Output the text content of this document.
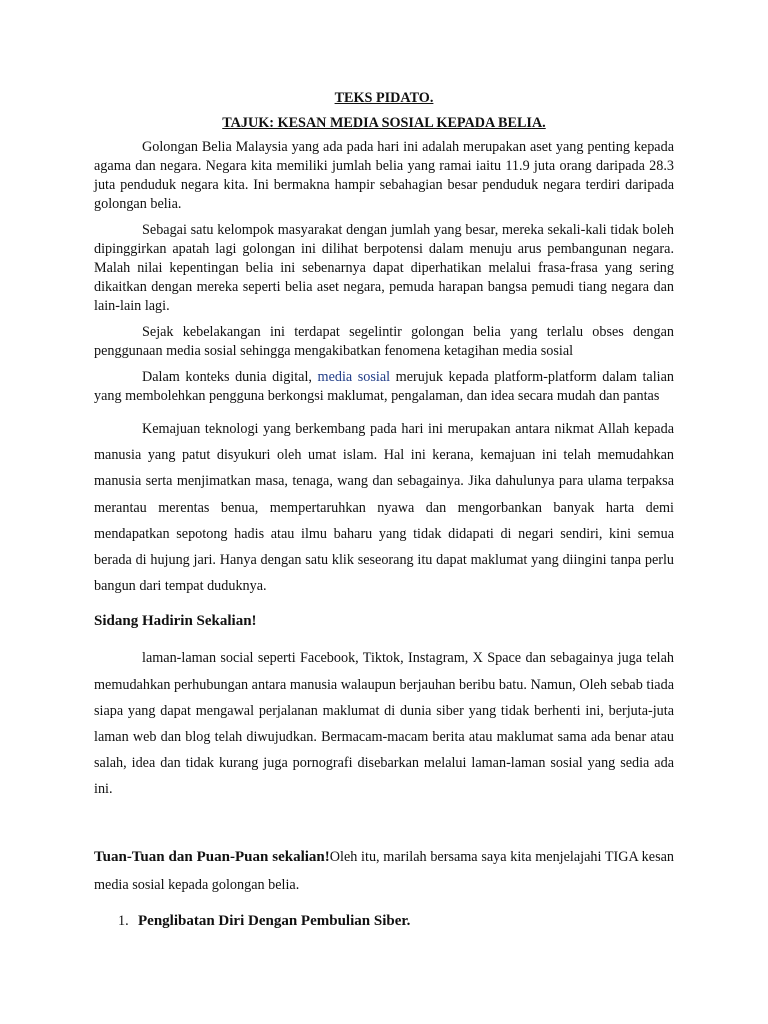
TEKS PIDATO.

TAJUK: KESAN MEDIA SOSIAL KEPADA BELIA.

Golongan Belia Malaysia yang ada pada hari ini adalah merupakan aset yang penting kepada agama dan negara. Negara kita memiliki jumlah belia yang ramai iaitu 11.9 juta orang daripada 28.3 juta penduduk negara kita. Ini bermakna hampir sebahagian besar penduduk negara terdiri daripada golongan belia.

Sebagai satu kelompok masyarakat dengan jumlah yang besar, mereka sekali-kali tidak boleh dipinggirkan apatah lagi golongan ini dilihat berpotensi dalam menuju arus pembangunan negara. Malah nilai kepentingan belia ini sebenarnya dapat diperhatikan melalui frasa-frasa yang sering dikaitkan dengan mereka seperti belia aset negara, pemuda harapan bangsa pemudi tiang negara dan lain-lain lagi.

Sejak kebelakangan ini terdapat segelintir golongan belia yang terlalu obses dengan penggunaan media sosial sehingga mengakibatkan fenomena ketagihan media sosial

Dalam konteks dunia digital, media sosial merujuk kepada platform-platform dalam talian yang membolehkan pengguna berkongsi maklumat, pengalaman, dan idea secara mudah dan pantas

Kemajuan teknologi yang berkembang pada hari ini merupakan antara nikmat Allah kepada manusia yang patut disyukuri oleh umat islam. Hal ini kerana, kemajuan ini telah memudahkan manusia serta menjimatkan masa, tenaga, wang dan sebagainya. Jika dahulunya para ulama terpaksa merantau merentas benua, mempertaruhkan nyawa dan mengorbankan banyak harta demi mendapatkan sepotong hadis atau ilmu baharu yang tidak didapati di negari sendiri, kini semua berada di hujung jari. Hanya dengan satu klik seseorang itu dapat maklumat yang diingini tanpa perlu bangun dari tempat duduknya.

Sidang Hadirin Sekalian!

laman-laman social seperti Facebook, Tiktok, Instagram, X Space dan sebagainya juga telah memudahkan perhubungan antara manusia walaupun berjauhan beribu batu. Namun, Oleh sebab tiada siapa yang dapat mengawal perjalanan maklumat di dunia siber yang tidak berhenti ini, berjuta-juta laman web dan blog telah diwujudkan. Bermacam-macam berita atau maklumat sama ada benar atau salah, idea dan tidak kurang juga pornografi disebarkan melalui laman-laman sosial yang sedia ada ini.

Tuan-Tuan dan Puan-Puan sekalian!Oleh itu, marilah bersama saya kita menjelajahi TIGA kesan media sosial kepada golongan belia.

1. Penglibatan Diri Dengan Pembulian Siber.
